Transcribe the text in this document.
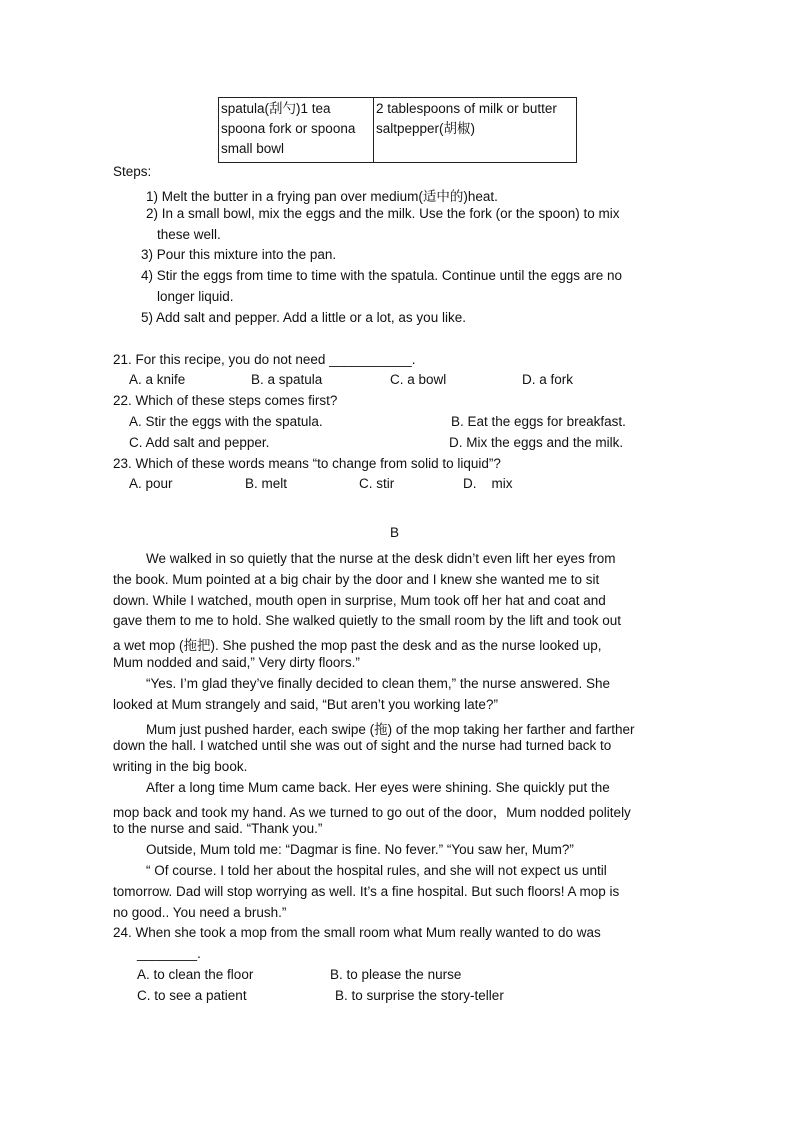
spatula(刮勺)1 tea spoona fork or spoona small bowl	2 tablespoons of milk or butter saltpepper(胡椒)
Steps:
1) Melt the butter in a frying pan over medium(适中的)heat.
2) In a small bowl, mix the eggs and the milk. Use the fork (or the spoon) to mix
these well.
3) Pour this mixture into the pan.
4) Stir the eggs from time to time with the spatula. Continue until the eggs are no
longer liquid.
5) Add salt and pepper. Add a little or a lot, as you like.
21. For this recipe, you do not need ___________.
A. a knife	B. a spatula	C. a bowl	D. a fork
22. Which of these steps comes first?
A. Stir the eggs with the spatula.	B. Eat the eggs for breakfast.
C. Add salt and pepper.	D. Mix the eggs and the milk.
23. Which of these words means “to change from solid to liquid”?
A. pour	B. melt	C. stir	D.    mix
B
We walked in so quietly that the nurse at the desk didn’t even lift her eyes from
the book. Mum pointed at a big chair by the door and I knew she wanted me to sit
down. While I watched, mouth open in surprise, Mum took off her hat and coat and
gave them to me to hold. She walked quietly to the small room by the lift and took out
a wet mop (拖把). She pushed the mop past the desk and as the nurse looked up,
Mum nodded and said,” Very dirty floors.”
“Yes. I’m glad they’ve finally decided to clean them,” the nurse answered. She
looked at Mum strangely and said, “But aren’t you working late?”
Mum just pushed harder, each swipe (拖) of the mop taking her farther and farther
down the hall. I watched until she was out of sight and the nurse had turned back to
writing in the big book.
After a long time Mum came back. Her eyes were shining. She quickly put the
mop back and took my hand. As we turned to go out of the door，Mum nodded politely
to the nurse and said. “Thank you.”
Outside, Mum told me: “Dagmar is fine. No fever.” “You saw her, Mum?”
“ Of course. I told her about the hospital rules, and she will not expect us until
tomorrow. Dad will stop worrying as well. It’s a fine hospital. But such floors! A mop is
no good.. You need a brush.”
24. When she took a mop from the small room what Mum really wanted to do was
________.
A. to clean the floor	B. to please the nurse
C. to see a patient	B. to surprise the story-teller
